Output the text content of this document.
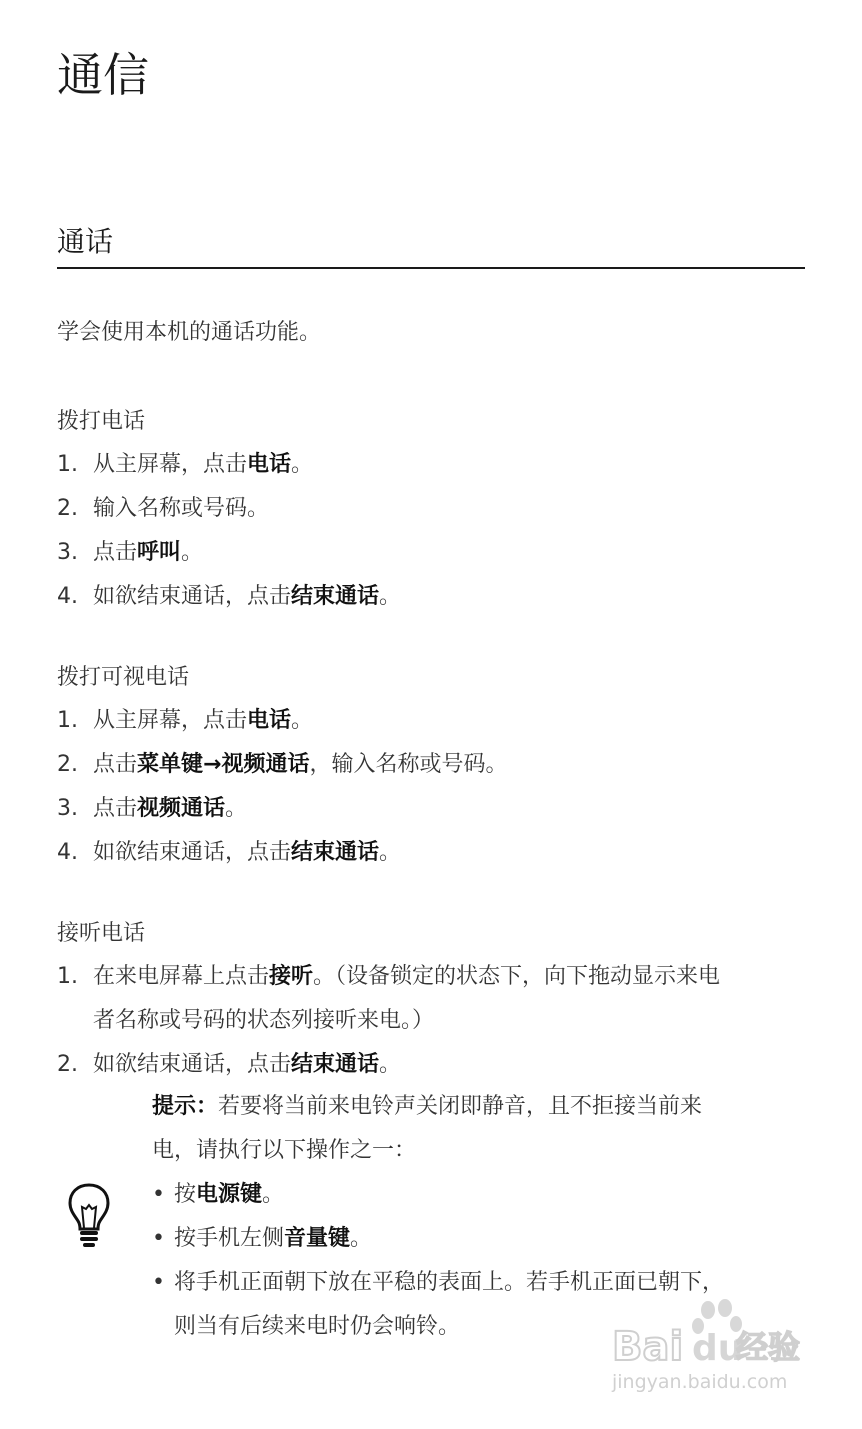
通信
通话
学会使用本机的通话功能。
拨打电话
1. 从主屏幕，点击电话。
2. 输入名称或号码。
3. 点击呼叫。
4. 如欲结束通话，点击结束通话。
拨打可视电话
1. 从主屏幕，点击电话。
2. 点击菜单键→视频通话，输入名称或号码。
3. 点击视频通话。
4. 如欲结束通话，点击结束通话。
接听电话
1. 在来电屏幕上点击接听。（设备锁定的状态下，向下拖动显示来电
者名称或号码的状态列接听来电。）
2. 如欲结束通话，点击结束通话。
提示：若要将当前来电铃声关闭即静音，且不拒接当前来
电，请执行以下操作之一：
• 按电源键。
• 按手机左侧音量键。
• 将手机正面朝下放在平稳的表面上。若手机正面已朝下，
则当有后续来电时仍会响铃。	Bai du
经验
jingyan.baidu.com
